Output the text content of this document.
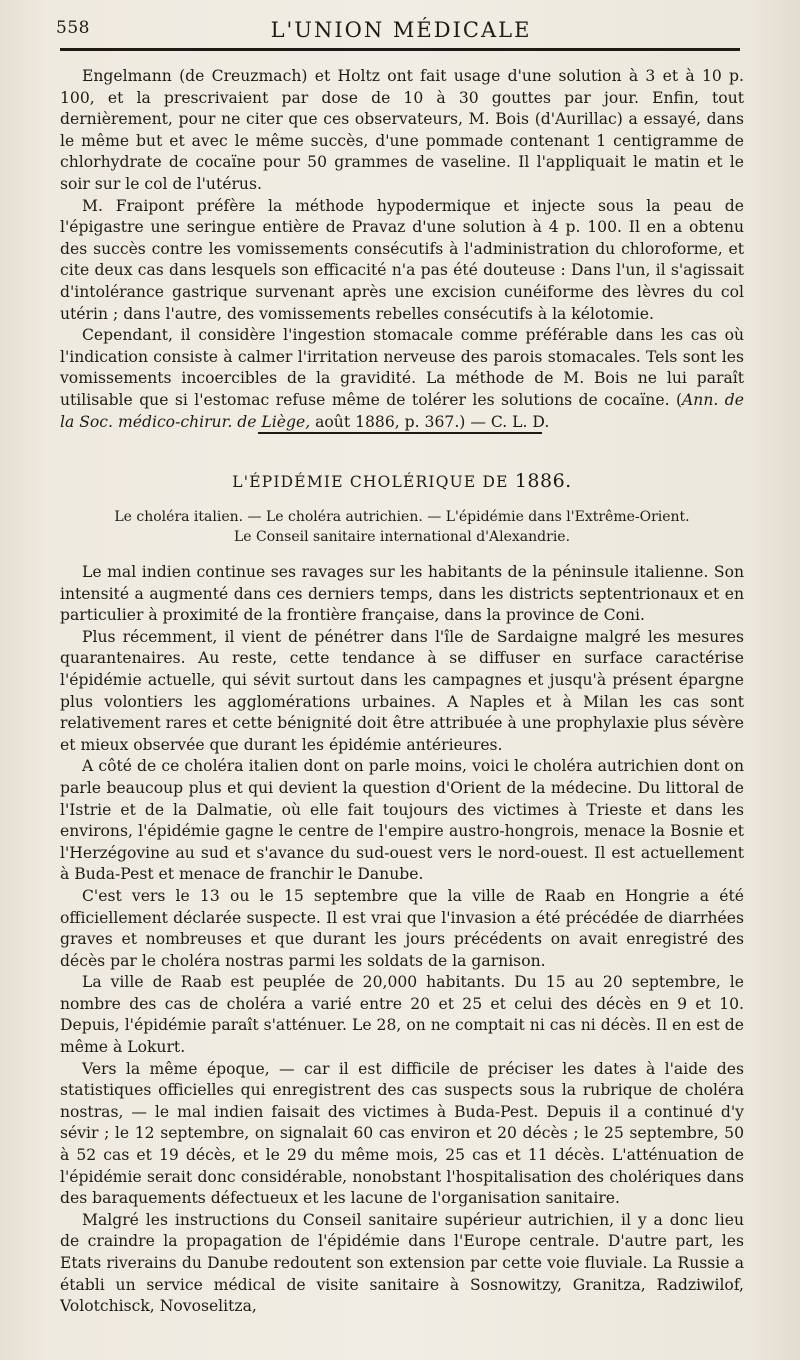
558	L'UNION MÉDICALE

Engelmann (de Creuzmach) et Holtz ont fait usage d'une solution à 3 et à 10 p. 100, et la prescrivaient par dose de 10 à 30 gouttes par jour. Enfin, tout dernièrement, pour ne citer que ces observateurs, M. Bois (d'Aurillac) a essayé, dans le même but et avec le même succès, d'une pommade contenant 1 centigramme de chlorhydrate de cocaïne pour 50 grammes de vaseline. Il l'appliquait le matin et le soir sur le col de l'utérus.

M. Fraipont préfère la méthode hypodermique et injecte sous la peau de l'épigastre une seringue entière de Pravaz d'une solution à 4 p. 100. Il en a obtenu des succès contre les vomissements consécutifs à l'administration du chloroforme, et cite deux cas dans lesquels son efficacité n'a pas été douteuse : Dans l'un, il s'agissait d'intolérance gastrique survenant après une excision cunéiforme des lèvres du col utérin ; dans l'autre, des vomissements rebelles consécutifs à la kélotomie.

Cependant, il considère l'ingestion stomacale comme préférable dans les cas où l'indication consiste à calmer l'irritation nerveuse des parois stomacales. Tels sont les vomissements incoercibles de la gravidité. La méthode de M. Bois ne lui paraît utilisable que si l'estomac refuse même de tolérer les solutions de cocaïne. (Ann. de la Soc. médico-chirur. de Liège, août 1886, p. 367.) — C. L. D.

L'ÉPIDÉMIE CHOLÉRIQUE DE 1886.
Le choléra italien. — Le choléra autrichien. — L'épidémie dans l'Extrême-Orient.
Le Conseil sanitaire international d'Alexandrie.

Le mal indien continue ses ravages sur les habitants de la péninsule italienne. Son intensité a augmenté dans ces derniers temps, dans les districts septentrionaux et en particulier à proximité de la frontière française, dans la province de Coni.

Plus récemment, il vient de pénétrer dans l'île de Sardaigne malgré les mesures quarantenaires. Au reste, cette tendance à se diffuser en surface caractérise l'épidémie actuelle, qui sévit surtout dans les campagnes et jusqu'à présent épargne plus volontiers les agglomérations urbaines. A Naples et à Milan les cas sont relativement rares et cette bénignité doit être attribuée à une prophylaxie plus sévère et mieux observée que durant les épidémie antérieures.

A côté de ce choléra italien dont on parle moins, voici le choléra autrichien dont on parle beaucoup plus et qui devient la question d'Orient de la médecine. Du littoral de l'Istrie et de la Dalmatie, où elle fait toujours des victimes à Trieste et dans les environs, l'épidémie gagne le centre de l'empire austro-hongrois, menace la Bosnie et l'Herzégovine au sud et s'avance du sud-ouest vers le nord-ouest. Il est actuellement à Buda-Pest et menace de franchir le Danube.

C'est vers le 13 ou le 15 septembre que la ville de Raab en Hongrie a été officiellement déclarée suspecte. Il est vrai que l'invasion a été précédée de diarrhées graves et nombreuses et que durant les jours précédents on avait enregistré des décès par le choléra nostras parmi les soldats de la garnison.

La ville de Raab est peuplée de 20,000 habitants. Du 15 au 20 septembre, le nombre des cas de choléra a varié entre 20 et 25 et celui des décès en 9 et 10. Depuis, l'épidémie paraît s'atténuer. Le 28, on ne comptait ni cas ni décès. Il en est de même à Lokurt.

Vers la même époque, — car il est difficile de préciser les dates à l'aide des statistiques officielles qui enregistrent des cas suspects sous la rubrique de choléra nostras, — le mal indien faisait des victimes à Buda-Pest. Depuis il a continué d'y sévir ; le 12 septembre, on signalait 60 cas environ et 20 décès ; le 25 septembre, 50 à 52 cas et 19 décès, et le 29 du même mois, 25 cas et 11 décès. L'atténuation de l'épidémie serait donc considérable, nonobstant l'hospitalisation des cholériques dans des baraquements défectueux et les lacune de l'organisation sanitaire.

Malgré les instructions du Conseil sanitaire supérieur autrichien, il y a donc lieu de craindre la propagation de l'épidémie dans l'Europe centrale. D'autre part, les Etats riverains du Danube redoutent son extension par cette voie fluviale. La Russie a établi un service médical de visite sanitaire à Sosnowitzy, Granitza, Radziwilof, Volotchisck, Novoselitza,
